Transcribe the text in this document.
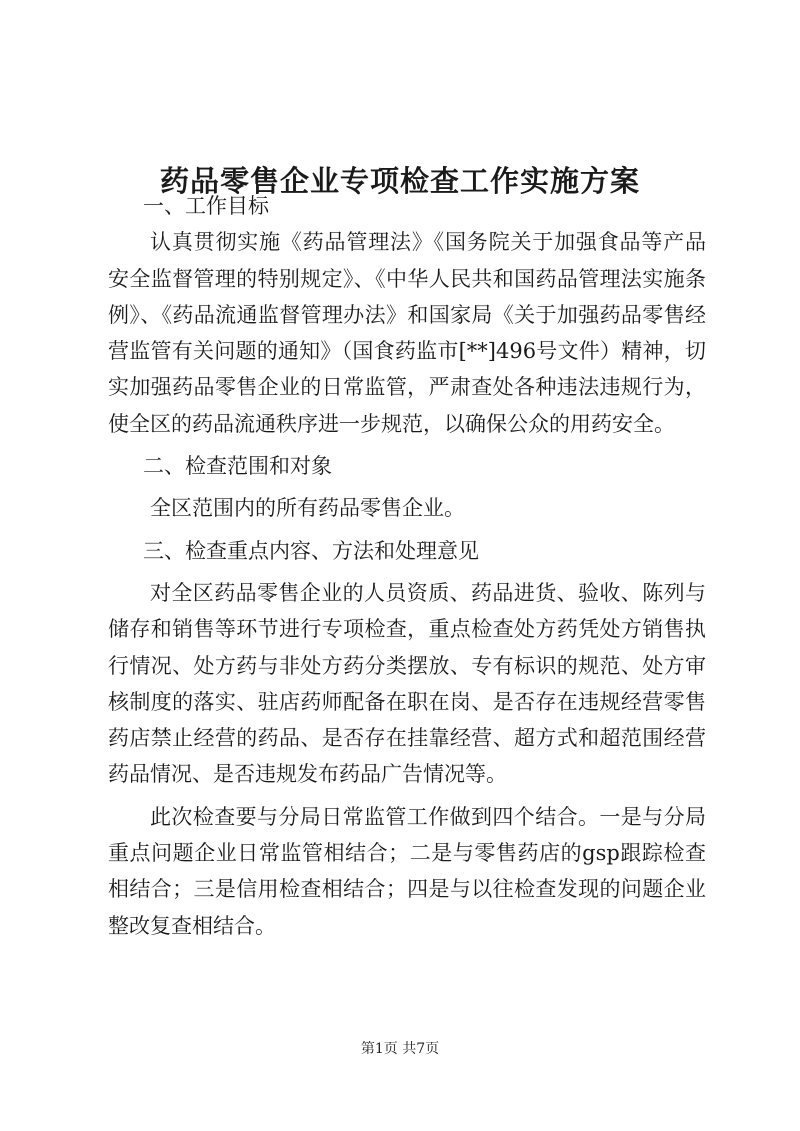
药品零售企业专项检查工作实施方案

一、工作目标

认真贯彻实施《药品管理法》《国务院关于加强食品等产品安全监督管理的特别规定》、《中华人民共和国药品管理法实施条例》、《药品流通监督管理办法》和国家局《关于加强药品零售经营监管有关问题的通知》（国食药监市[**]496号文件）精神，切实加强药品零售企业的日常监管，严肃查处各种违法违规行为，使全区的药品流通秩序进一步规范，以确保公众的用药安全。

二、检查范围和对象

全区范围内的所有药品零售企业。

三、检查重点内容、方法和处理意见

对全区药品零售企业的人员资质、药品进货、验收、陈列与储存和销售等环节进行专项检查，重点检查处方药凭处方销售执行情况、处方药与非处方药分类摆放、专有标识的规范、处方审核制度的落实、驻店药师配备在职在岗、是否存在违规经营零售药店禁止经营的药品、是否存在挂靠经营、超方式和超范围经营药品情况、是否违规发布药品广告情况等。

此次检查要与分局日常监管工作做到四个结合。一是与分局重点问题企业日常监管相结合；二是与零售药店的gsp跟踪检查相结合；三是信用检查相结合；四是与以往检查发现的问题企业整改复查相结合。

第1页 共7页
